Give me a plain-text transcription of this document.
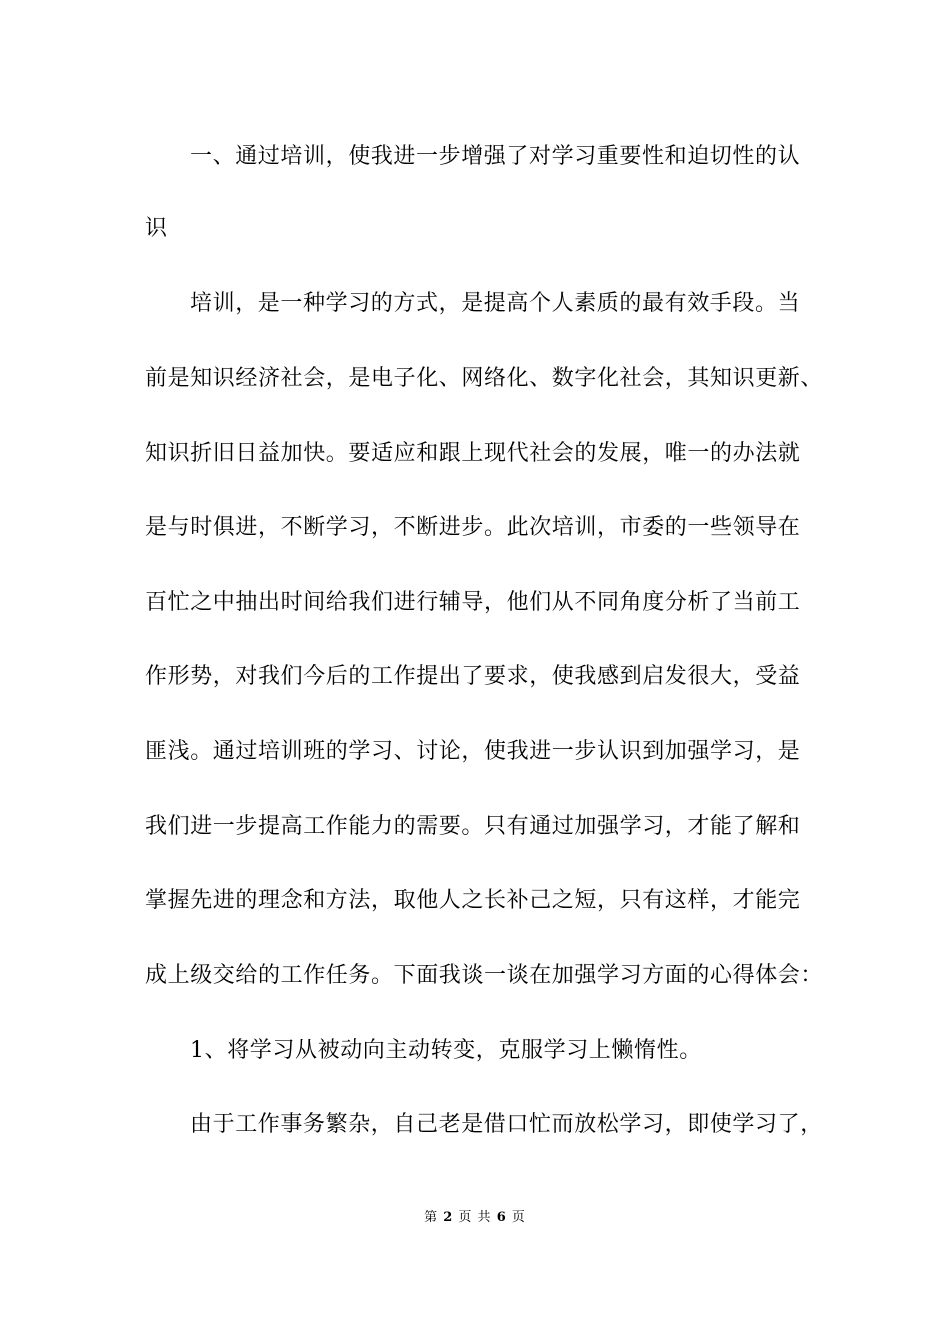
一、通过培训，使我进一步增强了对学习重要性和迫切性的认
识
培训，是一种学习的方式，是提高个人素质的最有效手段。当
前是知识经济社会，是电子化、网络化、数字化社会，其知识更新、
知识折旧日益加快。要适应和跟上现代社会的发展，唯一的办法就
是与时俱进，不断学习，不断进步。此次培训，市委的一些领导在
百忙之中抽出时间给我们进行辅导，他们从不同角度分析了当前工
作形势，对我们今后的工作提出了要求，使我感到启发很大，受益
匪浅。通过培训班的学习、讨论，使我进一步认识到加强学习，是
我们进一步提高工作能力的需要。只有通过加强学习，才能了解和
掌握先进的理念和方法，取他人之长补己之短，只有这样，才能完
成上级交给的工作任务。下面我谈一谈在加强学习方面的心得体会：
1、将学习从被动向主动转变，克服学习上懒惰性。
由于工作事务繁杂，自己老是借口忙而放松学习，即使学习了，
第 2 页 共 6 页
